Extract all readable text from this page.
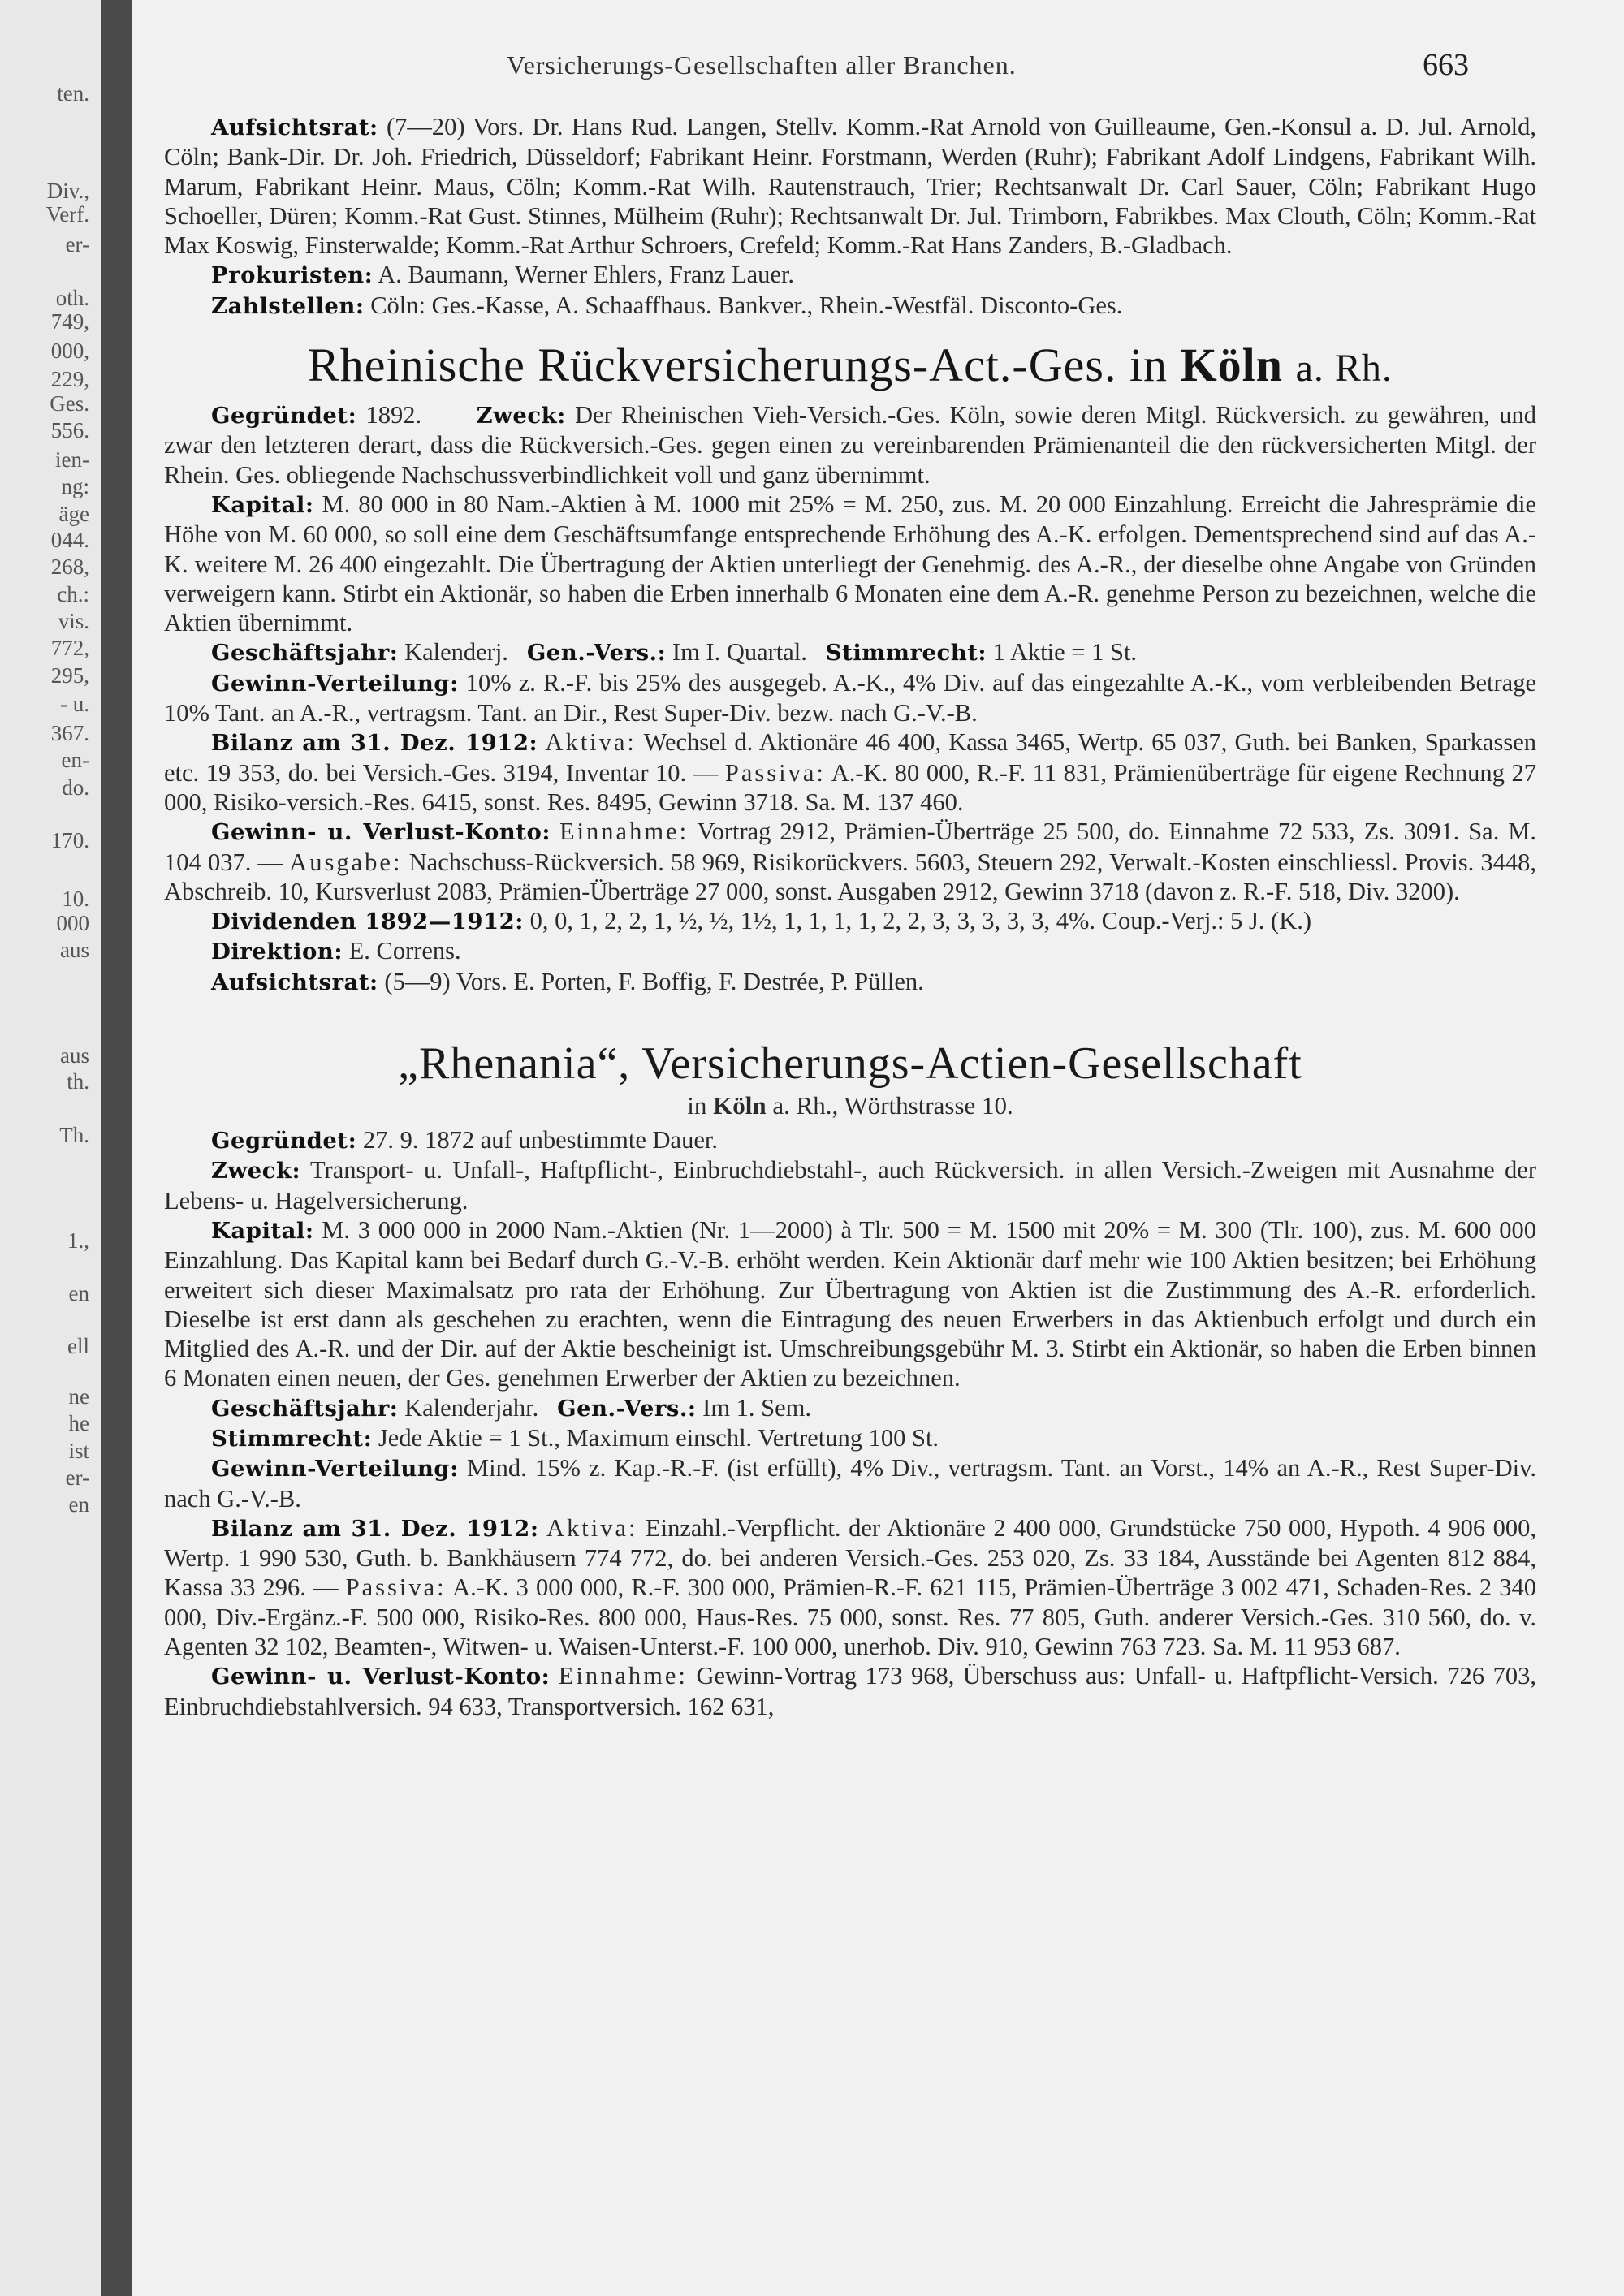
ten.
Div.,
Verf.
er-
oth.
749,
000,
229,
Ges.
556.
ien-
ng:
äge
044.
268,
ch.:
vis.
772,
295,
- u.
367.
en-
do.
170.
10.
000
aus
aus
th.
Th.
1.,
en
ell
ne
he
ist
er-
en
Versicherungs-Gesellschaften aller Branchen.	663

Aufsichtsrat: (7—20) Vors. Dr. Hans Rud. Langen, Stellv. Komm.-Rat Arnold von Guilleaume, Gen.-Konsul a. D. Jul. Arnold, Cöln; Bank-Dir. Dr. Joh. Friedrich, Düsseldorf; Fabrikant Heinr. Forstmann, Werden (Ruhr); Fabrikant Adolf Lindgens, Fabrikant Wilh. Marum, Fabrikant Heinr. Maus, Cöln; Komm.-Rat Wilh. Rautenstrauch, Trier; Rechtsanwalt Dr. Carl Sauer, Cöln; Fabrikant Hugo Schoeller, Düren; Komm.-Rat Gust. Stinnes, Mülheim (Ruhr); Rechtsanwalt Dr. Jul. Trimborn, Fabrikbes. Max Clouth, Cöln; Komm.-Rat Max Koswig, Finsterwalde; Komm.-Rat Arthur Schroers, Crefeld; Komm.-Rat Hans Zanders, B.-Gladbach.

Prokuristen: A. Baumann, Werner Ehlers, Franz Lauer.

Zahlstellen: Cöln: Ges.-Kasse, A. Schaaffhaus. Bankver., Rhein.-Westfäl. Disconto-Ges.

Rheinische Rückversicherungs-Act.-Ges. in Köln a. Rh.

Gegründet: 1892. Zweck: Der Rheinischen Vieh-Versich.-Ges. Köln, sowie deren Mitgl. Rückversich. zu gewähren, und zwar den letzteren derart, dass die Rückversich.-Ges. gegen einen zu vereinbarenden Prämienanteil die den rückversicherten Mitgl. der Rhein. Ges. obliegende Nachschussverbindlichkeit voll und ganz übernimmt.

Kapital: M. 80 000 in 80 Nam.-Aktien à M. 1000 mit 25% = M. 250, zus. M. 20 000 Einzahlung. Erreicht die Jahresprämie die Höhe von M. 60 000, so soll eine dem Geschäftsumfange entsprechende Erhöhung des A.-K. erfolgen. Dementsprechend sind auf das A.-K. weitere M. 26 400 eingezahlt. Die Übertragung der Aktien unterliegt der Genehmig. des A.-R., der dieselbe ohne Angabe von Gründen verweigern kann. Stirbt ein Aktionär, so haben die Erben innerhalb 6 Monaten eine dem A.-R. genehme Person zu bezeichnen, welche die Aktien übernimmt.

Geschäftsjahr: Kalenderj. Gen.-Vers.: Im I. Quartal. Stimmrecht: 1 Aktie = 1 St.

Gewinn-Verteilung: 10% z. R.-F. bis 25% des ausgegeb. A.-K., 4% Div. auf das eingezahlte A.-K., vom verbleibenden Betrage 10% Tant. an A.-R., vertragsm. Tant. an Dir., Rest Super-Div. bezw. nach G.-V.-B.

Bilanz am 31. Dez. 1912: Aktiva: Wechsel d. Aktionäre 46 400, Kassa 3465, Wertp. 65 037, Guth. bei Banken, Sparkassen etc. 19 353, do. bei Versich.-Ges. 3194, Inventar 10. — Passiva: A.-K. 80 000, R.-F. 11 831, Prämienüberträge für eigene Rechnung 27 000, Risiko-versich.-Res. 6415, sonst. Res. 8495, Gewinn 3718. Sa. M. 137 460.

Gewinn- u. Verlust-Konto: Einnahme: Vortrag 2912, Prämien-Überträge 25 500, do. Einnahme 72 533, Zs. 3091. Sa. M. 104 037. — Ausgabe: Nachschuss-Rückversich. 58 969, Risikorückvers. 5603, Steuern 292, Verwalt.-Kosten einschliessl. Provis. 3448, Abschreib. 10, Kursverlust 2083, Prämien-Überträge 27 000, sonst. Ausgaben 2912, Gewinn 3718 (davon z. R.-F. 518, Div. 3200).

Dividenden 1892—1912: 0, 0, 1, 2, 2, 1, ½, ½, 1½, 1, 1, 1, 1, 2, 2, 3, 3, 3, 3, 3, 4%. Coup.-Verj.: 5 J. (K.)

Direktion: E. Correns.

Aufsichtsrat: (5—9) Vors. E. Porten, F. Boffig, F. Destrée, P. Püllen.

„Rhenania“, Versicherungs-Actien-Gesellschaft
in Köln a. Rh., Wörthstrasse 10.

Gegründet: 27. 9. 1872 auf unbestimmte Dauer.

Zweck: Transport- u. Unfall-, Haftpflicht-, Einbruchdiebstahl-, auch Rückversich. in allen Versich.-Zweigen mit Ausnahme der Lebens- u. Hagelversicherung.

Kapital: M. 3 000 000 in 2000 Nam.-Aktien (Nr. 1—2000) à Tlr. 500 = M. 1500 mit 20% = M. 300 (Tlr. 100), zus. M. 600 000 Einzahlung. Das Kapital kann bei Bedarf durch G.-V.-B. erhöht werden. Kein Aktionär darf mehr wie 100 Aktien besitzen; bei Erhöhung erweitert sich dieser Maximalsatz pro rata der Erhöhung. Zur Übertragung von Aktien ist die Zustimmung des A.-R. erforderlich. Dieselbe ist erst dann als geschehen zu erachten, wenn die Eintragung des neuen Erwerbers in das Aktienbuch erfolgt und durch ein Mitglied des A.-R. und der Dir. auf der Aktie bescheinigt ist. Umschreibungsgebühr M. 3. Stirbt ein Aktionär, so haben die Erben binnen 6 Monaten einen neuen, der Ges. genehmen Erwerber der Aktien zu bezeichnen.

Geschäftsjahr: Kalenderjahr. Gen.-Vers.: Im 1. Sem.

Stimmrecht: Jede Aktie = 1 St., Maximum einschl. Vertretung 100 St.

Gewinn-Verteilung: Mind. 15% z. Kap.-R.-F. (ist erfüllt), 4% Div., vertragsm. Tant. an Vorst., 14% an A.-R., Rest Super-Div. nach G.-V.-B.

Bilanz am 31. Dez. 1912: Aktiva: Einzahl.-Verpflicht. der Aktionäre 2 400 000, Grundstücke 750 000, Hypoth. 4 906 000, Wertp. 1 990 530, Guth. b. Bankhäusern 774 772, do. bei anderen Versich.-Ges. 253 020, Zs. 33 184, Ausstände bei Agenten 812 884, Kassa 33 296. — Passiva: A.-K. 3 000 000, R.-F. 300 000, Prämien-R.-F. 621 115, Prämien-Überträge 3 002 471, Schaden-Res. 2 340 000, Div.-Ergänz.-F. 500 000, Risiko-Res. 800 000, Haus-Res. 75 000, sonst. Res. 77 805, Guth. anderer Versich.-Ges. 310 560, do. v. Agenten 32 102, Beamten-, Witwen- u. Waisen-Unterst.-F. 100 000, unerhob. Div. 910, Gewinn 763 723. Sa. M. 11 953 687.

Gewinn- u. Verlust-Konto: Einnahme: Gewinn-Vortrag 173 968, Überschuss aus: Unfall- u. Haftpflicht-Versich. 726 703, Einbruchdiebstahlversich. 94 633, Transportversich. 162 631,
